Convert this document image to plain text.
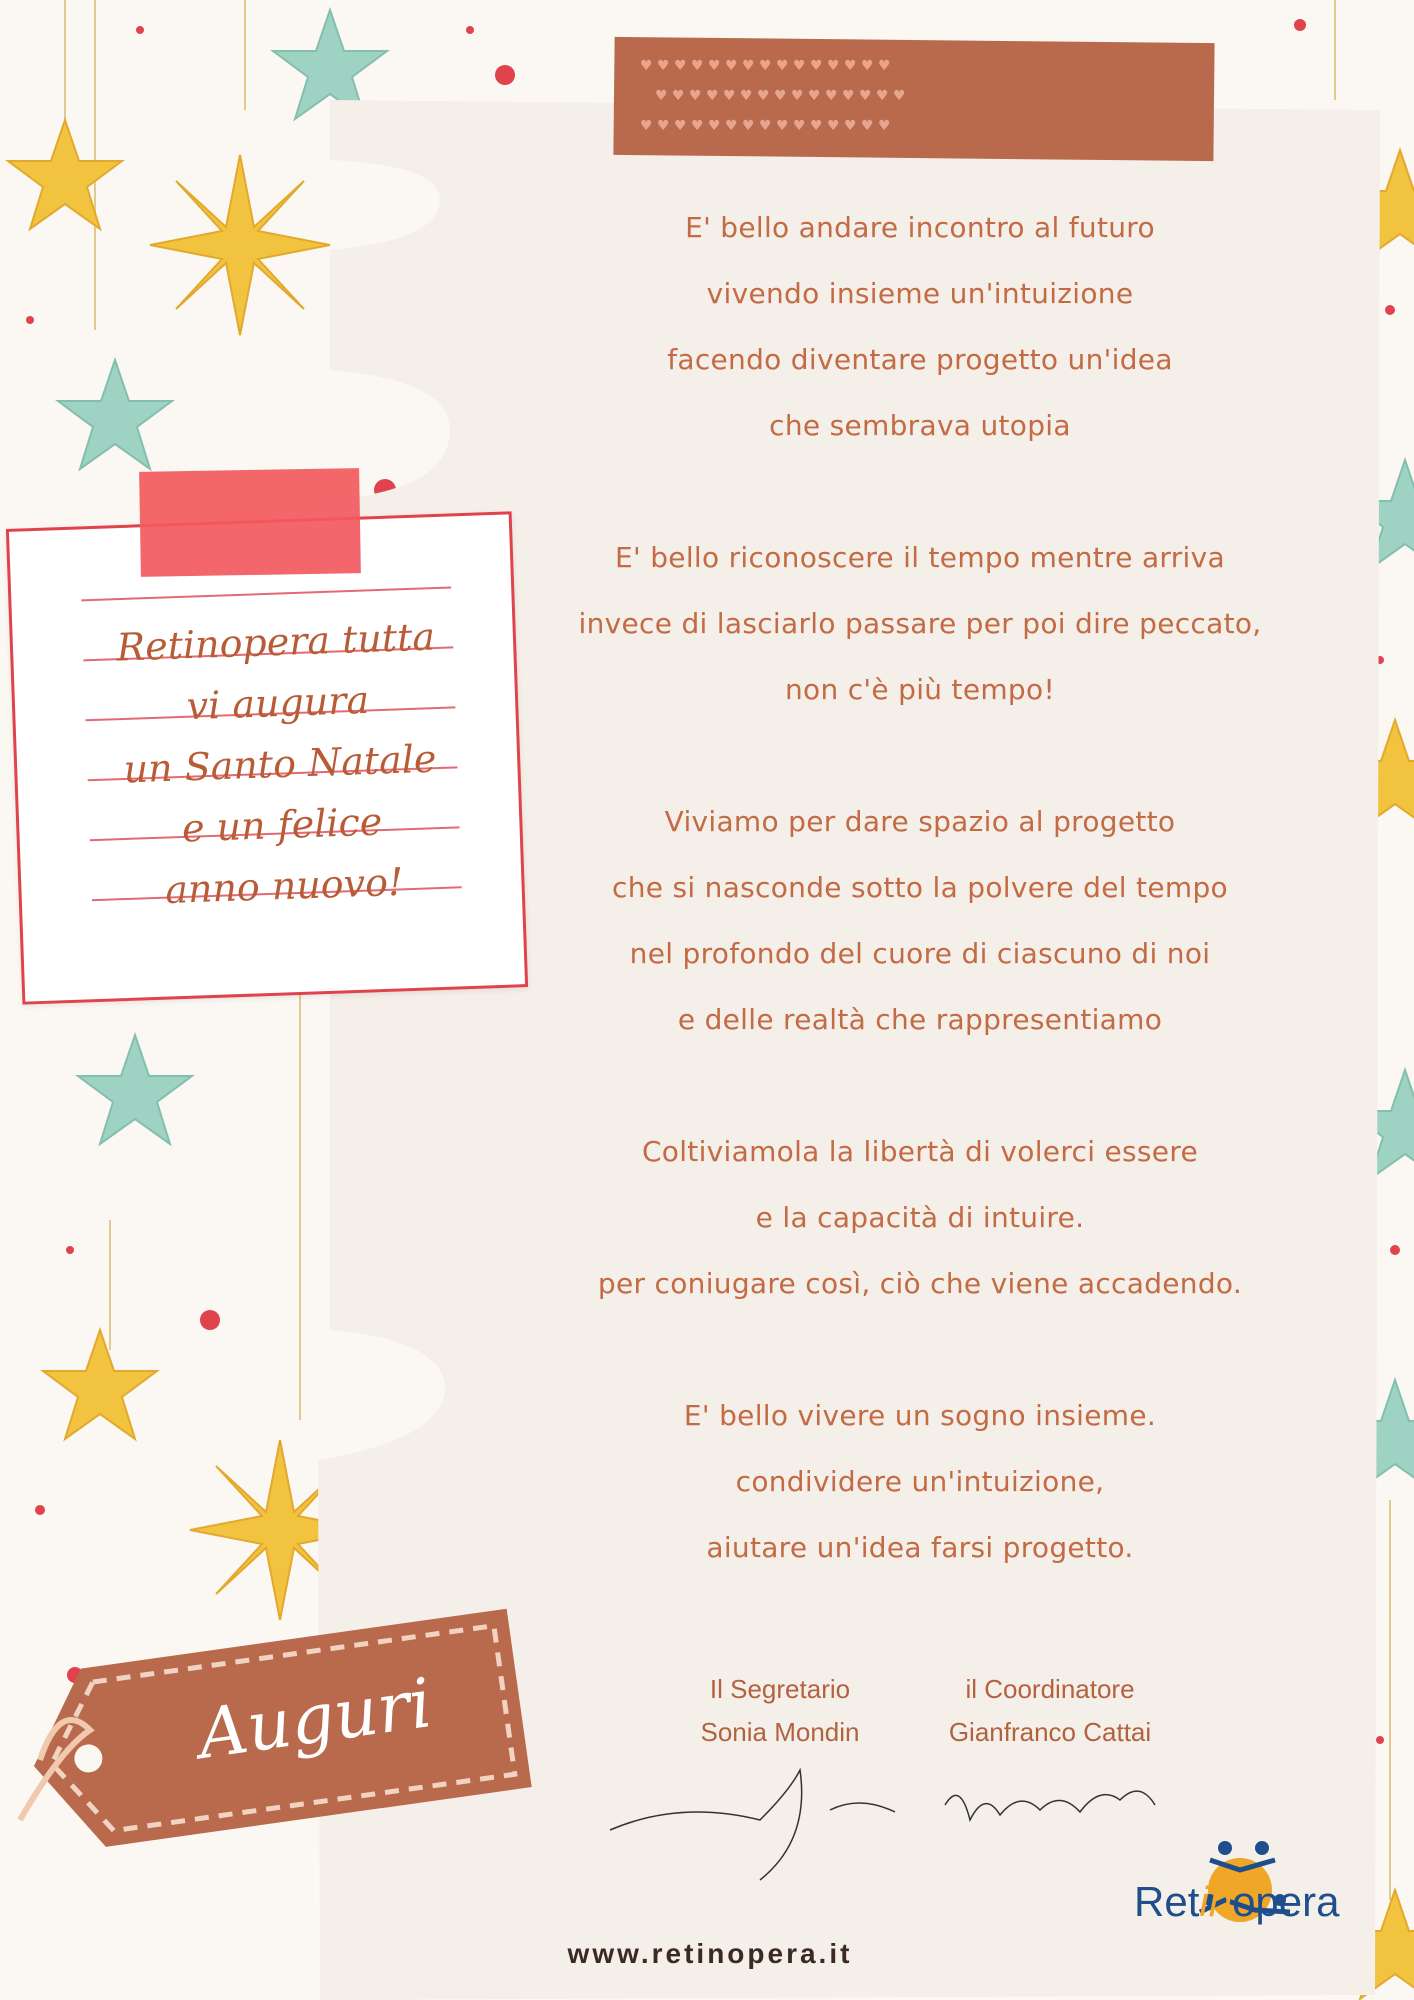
♥ ♥ ♥ ♥ ♥ ♥ ♥ ♥ ♥ ♥ ♥ ♥ ♥ ♥ ♥
♥ ♥ ♥ ♥ ♥ ♥ ♥ ♥ ♥ ♥ ♥ ♥ ♥ ♥ ♥
♥ ♥ ♥ ♥ ♥ ♥ ♥ ♥ ♥ ♥ ♥ ♥ ♥ ♥ ♥
Retinopera tutta
vi augura
un Santo Natale
e un felice
anno nuovo!
E' bello andare incontro al futuro
vivendo insieme un'intuizione
facendo diventare progetto un'idea
che sembrava utopia
E' bello riconoscere il tempo mentre arriva
invece di lasciarlo passare per poi dire peccato,
non c'è più tempo!
Viviamo per dare spazio al progetto
che si nasconde sotto la polvere del tempo
nel profondo del cuore di ciascuno di noi
e delle realtà che rappresentiamo
Coltiviamola la libertà di volerci essere
e la capacità di intuire.
per coniugare così, ciò che viene accadendo.
E' bello vivere un sogno insieme.
condividere un'intuizione,
aiutare un'idea farsi progetto.
Auguri	Il Segretario
Sonia Mondin
il Coordinatore
Gianfranco Cattai
www.retinopera.it
Retinopera
